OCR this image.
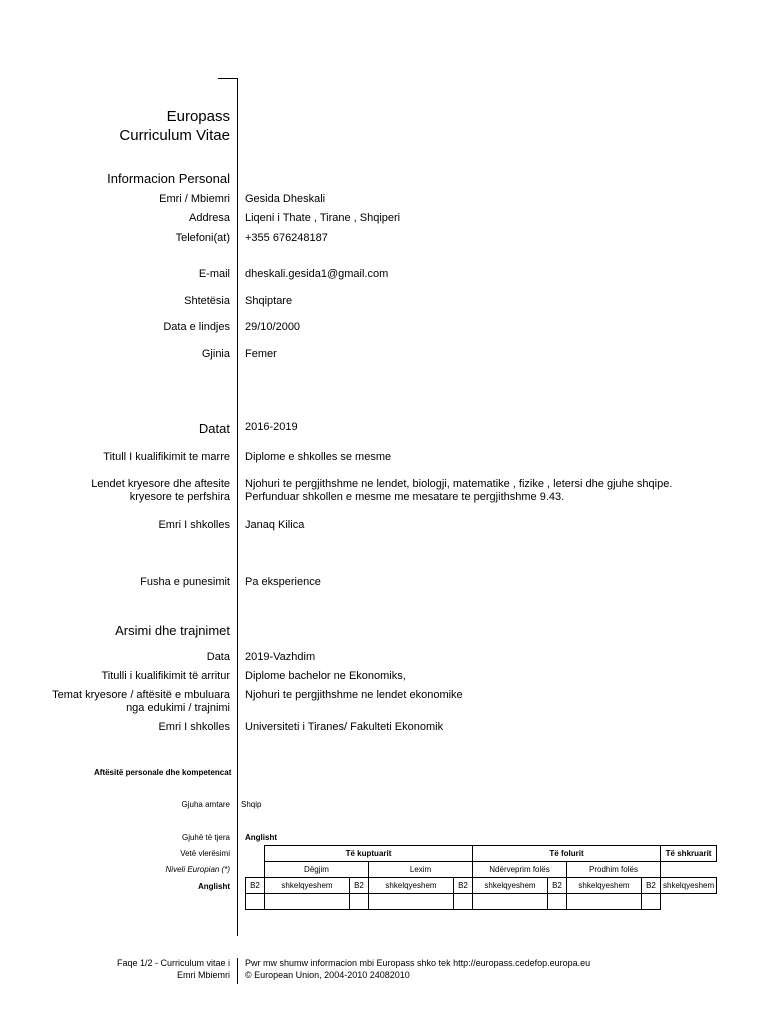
Europass
Curriculum Vitae
Informacion Personal
Emri / Mbiemri Gesida Dheskali
Addresa Liqeni i Thate , Tirane , Shqiperi
Telefoni(at) +355 676248187
E-mail dheskali.gesida1@gmail.com
Shtetësia Shqiptare
Data e lindjes 29/10/2000
Gjinia Femer
Datat 2016-2019
Titull I kualifikimit te marre Diplome e shkolles se mesme
Lendet kryesore dhe aftesite
kryesore te perfshira
Njohuri te pergjithshme ne lendet, biologji, matematike , fizike , letersi dhe gjuhe shqipe.
Perfunduar shkollen e mesme me mesatare te pergjithshme 9.43.
Emri I shkolles Janaq Kilica
Fusha e punesimit Pa eksperience
Arsimi dhe trajnimet
Data 2019-Vazhdim
Titulli i kualifikimit të arritur Diplome bachelor ne Ekonomiks,
Temat kryesore / aftësitë e mbuluara
nga edukimi / trajnimi
Njohuri te pergjithshme ne lendet ekonomike
Emri I shkolles Universiteti i Tiranes/ Fakulteti Ekonomik
Aftësitë personale dhe kompetencat
Gjuha amtare Shqip
Gjuhë të tjera Anglisht
Vetë vlerësimi
Niveli Europian (*)
Anglisht
	Të kuptuarit				Të folurit				Të shkruarit
	Dëgjim		Lexim		Ndërveprim folës		Prodhim folës		
B2	shkelqyeshem	B2	shkelqyeshem	B2	shkelqyeshem	B2	shkelqyeshem	B2	shkelqyeshem

Faqe 1/2 - Curriculum vitae i
Emri Mbiemri
Pwr mw shumw informacion mbi Europass shko tek http://europass.cedefop.europa.eu
© European Union, 2004-2010 24082010
